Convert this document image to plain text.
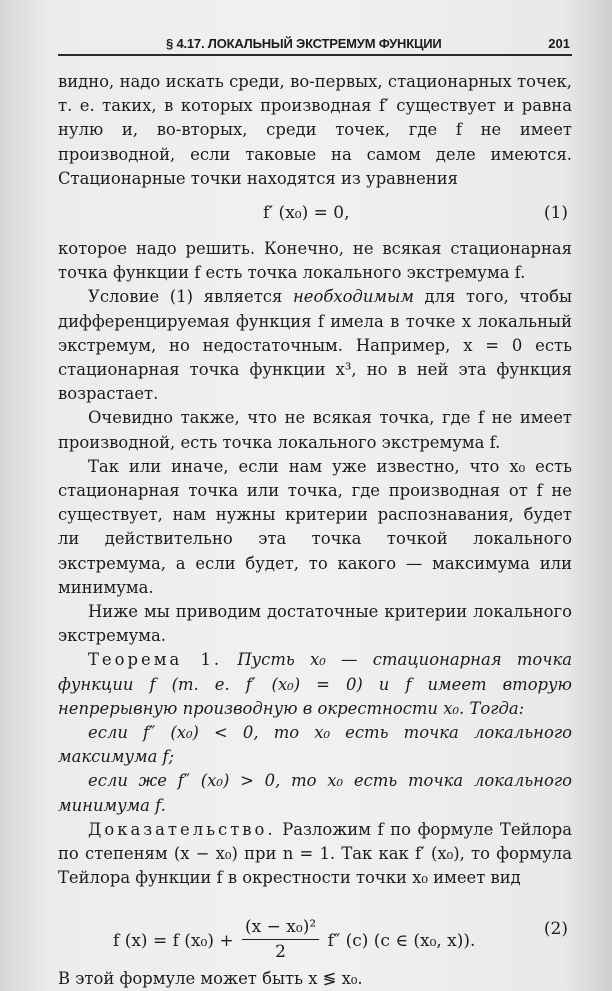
§ 4.17. ЛОКАЛЬНЫЙ ЭКСТРЕМУМ ФУНКЦИИ	201

видно, надо искать среди, во-первых, стационарных точек, т. е. таких, в которых производная f′ существует и равна нулю и, во-вторых, среди точек, где f не имеет производной, если таковые на самом деле имеются. Стационарные точки находятся из уравнения

f′ (x₀) = 0,	(1)

которое надо решить. Конечно, не всякая стационарная точка функции f есть точка локального экстремума f.

Условие (1) является необходимым для того, чтобы дифференцируемая функция f имела в точке x локальный экстремум, но недостаточным. Например, x = 0 есть стационарная точка функции x³, но в ней эта функция возрастает.

Очевидно также, что не всякая точка, где f не имеет производной, есть точка локального экстремума f.

Так или иначе, если нам уже известно, что x₀ есть стационарная точка или точка, где производная от f не существует, нам нужны критерии распознавания, будет ли действительно эта точка точкой локального экстремума, а если будет, то какого — максимума или минимума.

Ниже мы приводим достаточные критерии локального экстремума.

Теорема 1. Пусть x₀ — стационарная точка функции f (т. е. f′ (x₀) = 0) и f имеет вторую непрерывную производную в окрестности x₀. Тогда:

если f″ (x₀) < 0, то x₀ есть точка локального максимума f;

если же f″ (x₀) > 0, то x₀ есть точка локального минимума f.

Доказательство. Разложим f по формуле Тейлора по степеням (x − x₀) при n = 1. Так как f′ (x₀), то формула Тейлора функции f в окрестности точки x₀ имеет вид

f (x) = f $(x_0) + \frac{\text{(x − x₀)²}}{2} f''$ (c) (c ∈ (x₀, x)).
(2)

В этой формуле может быть x ≶ x₀.
